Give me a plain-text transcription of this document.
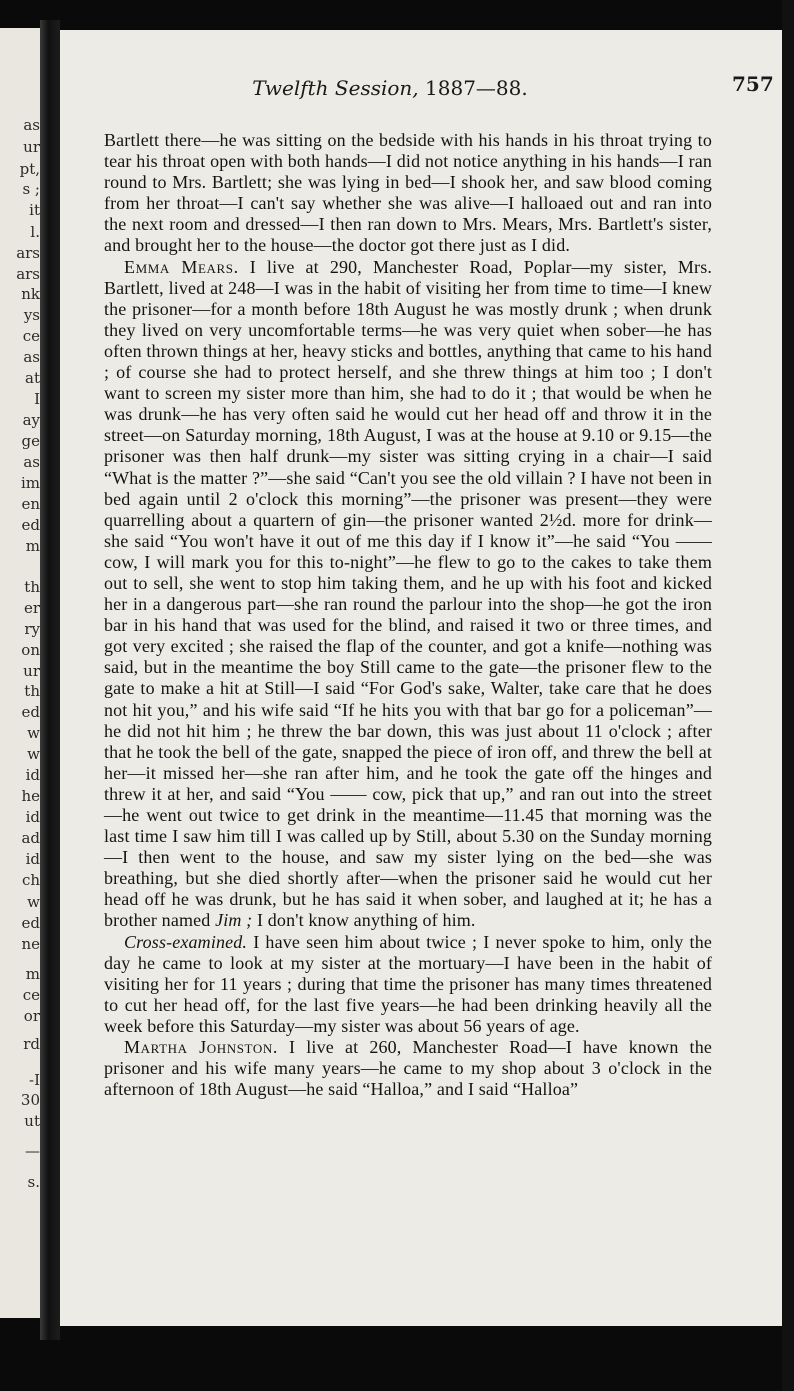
as
ur
pt,
s ;
it
l.
ars
ars
nk
ys
ce
as
at
I
ay
ge
as
im
en
ed
m
th
er
ry
on
ur
th
ed
w
w
id
he
id
ad
id
ch
w
ed
ne
m
ce
or
rd
-I
30
ut
—
s.
Twelfth Session, 1887—88.	757

Bartlett there—he was sitting on the bedside with his hands in his throat trying to tear his throat open with both hands—I did not notice anything in his hands—I ran round to Mrs. Bartlett; she was lying in bed—I shook her, and saw blood coming from her throat—I can't say whether she was alive—I halloaed out and ran into the next room and dressed—I then ran down to Mrs. Mears, Mrs. Bartlett's sister, and brought her to the house—the doctor got there just as I did.

Emma Mears. I live at 290, Manchester Road, Poplar—my sister, Mrs. Bartlett, lived at 248—I was in the habit of visiting her from time to time—I knew the prisoner—for a month before 18th August he was mostly drunk ; when drunk they lived on very uncomfortable terms—he was very quiet when sober—he has often thrown things at her, heavy sticks and bottles, anything that came to his hand ; of course she had to protect herself, and she threw things at him too ; I don't want to screen my sister more than him, she had to do it ; that would be when he was drunk—he has very often said he would cut her head off and throw it in the street—on Saturday morning, 18th August, I was at the house at 9.10 or 9.15—the prisoner was then half drunk—my sister was sitting crying in a chair—I said “What is the matter ?”—she said “Can't you see the old villain ? I have not been in bed again until 2 o'clock this morning”—the prisoner was present—they were quarrelling about a quartern of gin—the prisoner wanted 2½d. more for drink—she said “You won't have it out of me this day if I know it”—he said “You —— cow, I will mark you for this to-night”—he flew to go to the cakes to take them out to sell, she went to stop him taking them, and he up with his foot and kicked her in a dangerous part—she ran round the parlour into the shop—he got the iron bar in his hand that was used for the blind, and raised it two or three times, and got very excited ; she raised the flap of the counter, and got a knife—nothing was said, but in the meantime the boy Still came to the gate—the prisoner flew to the gate to make a hit at Still—I said “For God's sake, Walter, take care that he does not hit you,” and his wife said “If he hits you with that bar go for a policeman”—he did not hit him ; he threw the bar down, this was just about 11 o'clock ; after that he took the bell of the gate, snapped the piece of iron off, and threw the bell at her—it missed her—she ran after him, and he took the gate off the hinges and threw it at her, and said “You —— cow, pick that up,” and ran out into the street —he went out twice to get drink in the meantime—11.45 that morning was the last time I saw him till I was called up by Still, about 5.30 on the Sunday morning—I then went to the house, and saw my sister lying on the bed—she was breathing, but she died shortly after—when the prisoner said he would cut her head off he was drunk, but he has said it when sober, and laughed at it; he has a brother named Jim ; I don't know anything of him.

Cross-examined. I have seen him about twice ; I never spoke to him, only the day he came to look at my sister at the mortuary—I have been in the habit of visiting her for 11 years ; during that time the prisoner has many times threatened to cut her head off, for the last five years—he had been drinking heavily all the week before this Saturday—my sister was about 56 years of age.

Martha Johnston. I live at 260, Manchester Road—I have known the prisoner and his wife many years—he came to my shop about 3 o'clock in the afternoon of 18th August—he said “Halloa,” and I said “Halloa”
